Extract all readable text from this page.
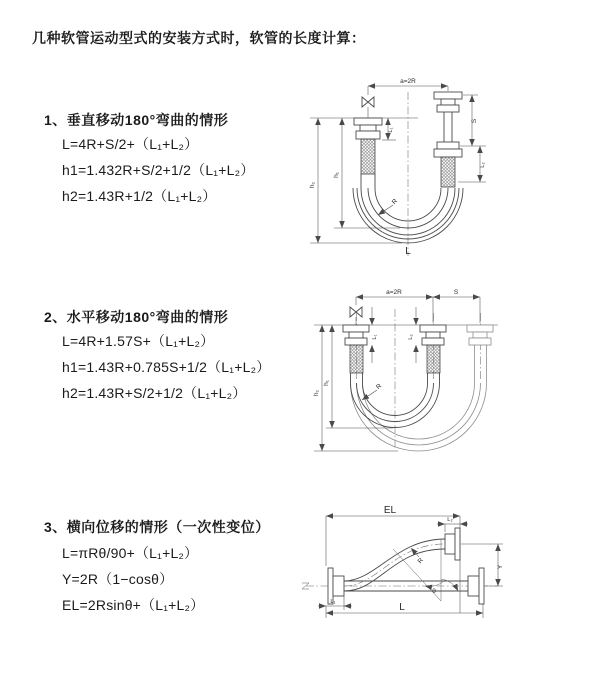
几种软管运动型式的安装方式时，软管的长度计算：
1、垂直移动180°弯曲的情形
L=4R+S/2+（L₁+L₂）
h1=1.432R+S/2+1/2（L₁+L₂）
h2=1.43R+1/2（L₁+L₂）
a=2R
h₂
h₁
L₁
S
L₂
R
L
2、水平移动180°弯曲的情形
L=4R+1.57S+（L₁+L₂）
h1=1.43R+0.785S+1/2（L₁+L₂）
h2=1.43R+S/2+1/2（L₁+L₂）
a=2R	S
h₂
h₁
L₁	L₂
R
3、横向位移的情形（一次性变位）
L=πRθ/90+（L₁+L₂）
Y=2R（1−cosθ）
EL=2Rsinθ+（L₁+L₂）
θ
EL
L₂
Y
L₁	L
R
